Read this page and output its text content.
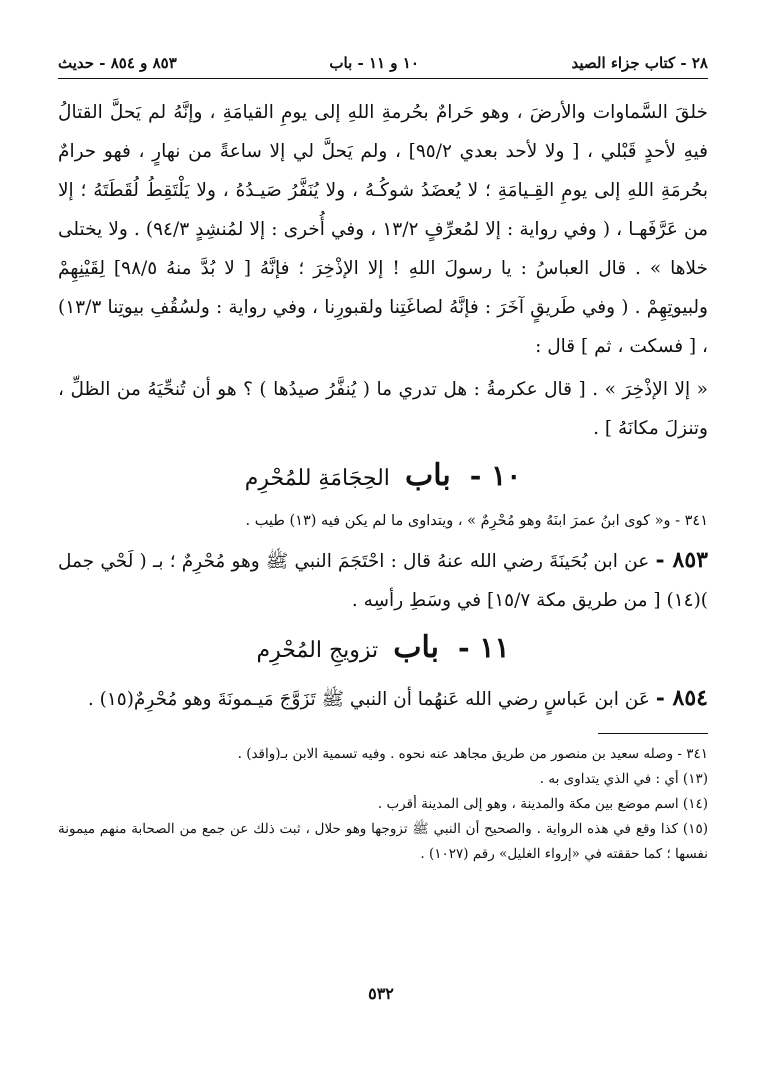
٢٨ - كتاب جزاء الصيد
١٠ و ١١ - باب
٨٥٣ و ٨٥٤ - حديث

خلقَ السَّماوات والأرضَ ، وهو حَرامٌ بحُرمةِ اللهِ إلى يومِ القيامَةِ ، وإنَّهُ لم يَحلَّ القتالُ فيهِ لأحدٍ قَبْلي ، [ ولا لأحد بعدي ٩٥/٢] ، ولم يَحلَّ لي إلا ساعةً من نهارٍ ، فهو حرامٌ بحُرمَةِ اللهِ إلى يومِ القِـيامَةِ ؛ لا يُعضَدُ شوكُـهُ ، ولا يُنَفَّرُ صَيـدُهُ ، ولا يَلْتَقِطُ لُقَطَتَهُ ؛ إلا من عَرَّفَهـا ، ( وفي رواية : إلا لمُعرِّفٍ ١٣/٢ ، وفي أُخرى : إلا لمُنشِدٍ ٩٤/٣) . ولا يختلى خلاها » . قال العباسُ : يا رسولَ اللهِ ! إلا الإذْخِرَ ؛ فإنَّهُ [ لا بُدَّ منهُ ٩٨/٥] لِقَيْنِهِمْ ولبيوتِهِمْ . ( وفي طَريقٍ آخَرَ : فإنَّهُ لصاغَتِنا ولقبورِنا ، وفي رواية : ولسُقُفِ بيوتِنا ١٣/٣) ، [ فسكت ، ثم ] قال :

« إلا الإذْخِرَ » . [ قال عكرمةُ : هل تدري ما ( يُنفَّرُ صيدُها ) ؟ هو أن تُنحِّيَهُ من الظلِّ ، وتنزلَ مكانَهُ ] .

١٠ - باب الحِجَامَةِ للمُحْرِم

٣٤١ - و« كوى ابنُ عمرَ ابنَهُ وهو مُحْرِمٌ » ، ويتداوى ما لم يكن فيه (١٣) طيب .

٨٥٣ - عن ابن بُحَينَةَ رضي الله عنهُ قال : احْتَجَمَ النبي ﷺ وهو مُحْرِمٌ ؛ بـ ( لَحْي جمل )(١٤) [ من طريق مكة ١٥/٧] في وسَطِ رأسِه .

١١ - باب تزويجِ المُحْرِم

٨٥٤ - عَن ابن عَباسٍ رضي الله عَنهُما أن النبي ﷺ تَزَوَّجَ مَيـمونَةَ وهو مُحْرِمٌ(١٥) .

٣٤١ - وصله سعيد بن منصور من طريق مجاهد عنه نحوه . وفيه تسمية الابن بـ(واقد) .

(١٣) أي : في الذي يتداوى به .

(١٤) اسم موضع بين مكة والمدينة ، وهو إلى المدينة أقرب .

(١٥) كذا وقع في هذه الرواية . والصحيح أن النبي ﷺ تزوجها وهو حلال ، ثبت ذلك عن جمع من الصحابة منهم ميمونة نفسها ؛ كما حققته في «إرواء الغليل» رقم (١٠٢٧) .

٥٣٢
